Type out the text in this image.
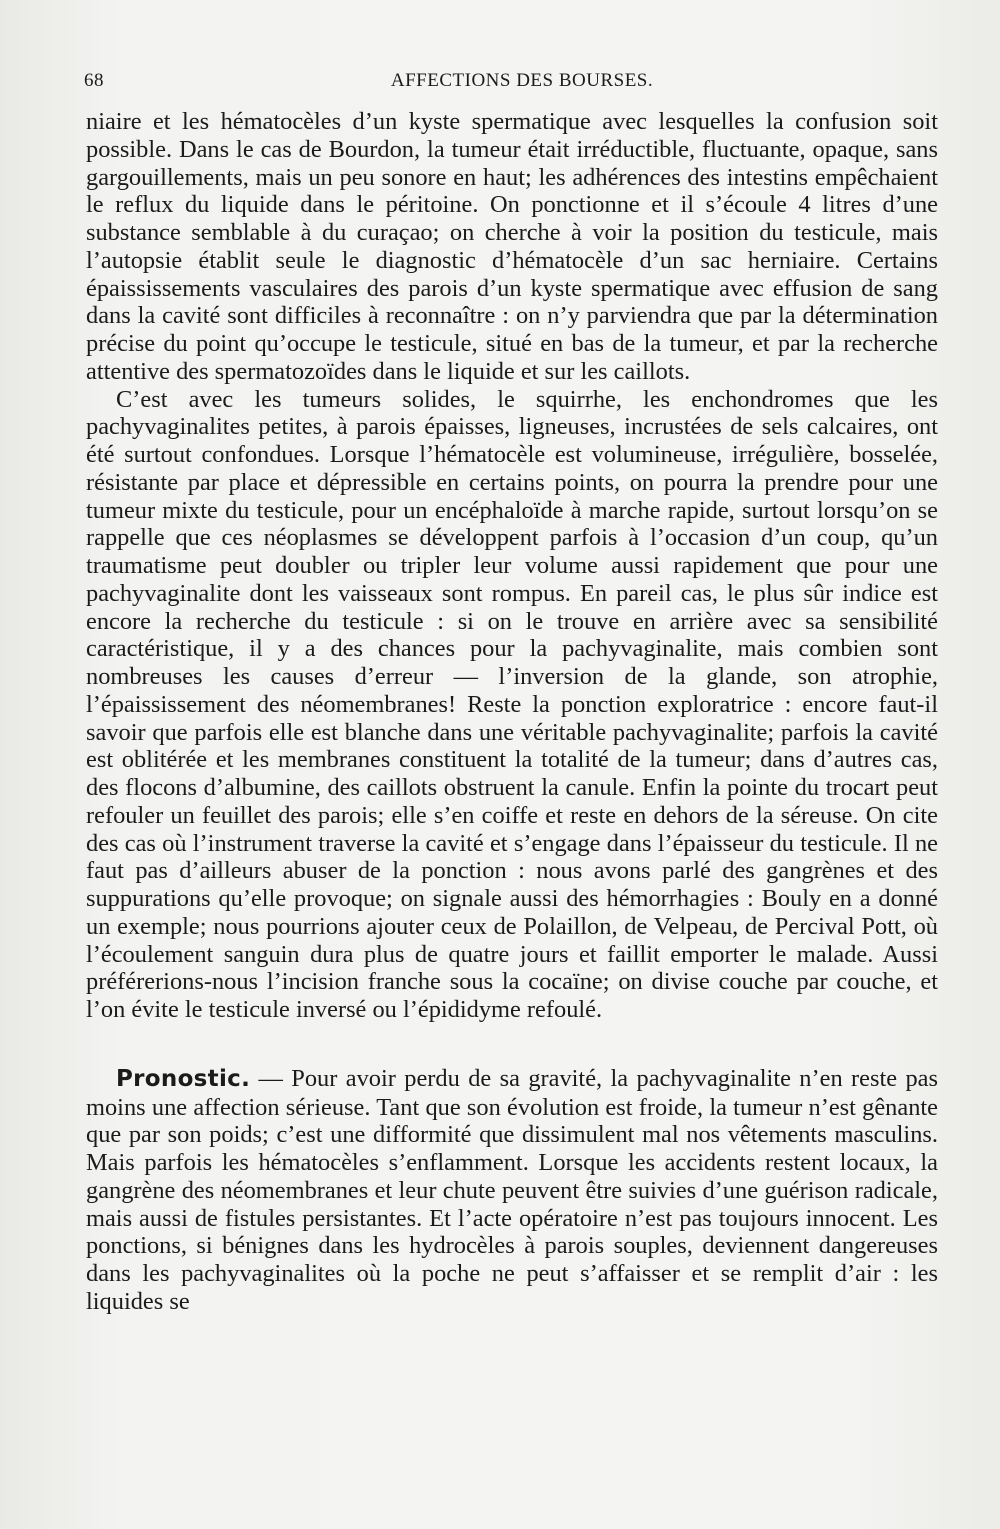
68	AFFECTIONS DES BOURSES.

niaire et les hématocèles d’un kyste spermatique avec lesquelles la confusion soit possible. Dans le cas de Bourdon, la tumeur était irréductible, fluctuante, opaque, sans gargouillements, mais un peu sonore en haut; les adhérences des intestins empêchaient le reflux du liquide dans le péritoine. On ponctionne et il s’écoule 4 litres d’une substance semblable à du curaçao; on cherche à voir la position du testicule, mais l’autopsie établit seule le diagnostic d’hématocèle d’un sac herniaire. Certains épaississements vasculaires des parois d’un kyste spermatique avec effusion de sang dans la cavité sont difficiles à reconnaître : on n’y parviendra que par la détermination précise du point qu’occupe le testicule, situé en bas de la tumeur, et par la recherche attentive des spermatozoïdes dans le liquide et sur les caillots.

C’est avec les tumeurs solides, le squirrhe, les enchondromes que les pachyvaginalites petites, à parois épaisses, ligneuses, incrustées de sels calcaires, ont été surtout confondues. Lorsque l’hématocèle est volumineuse, irrégulière, bosselée, résistante par place et dépressible en certains points, on pourra la prendre pour une tumeur mixte du testicule, pour un encéphaloïde à marche rapide, surtout lorsqu’on se rappelle que ces néoplasmes se développent parfois à l’occasion d’un coup, qu’un traumatisme peut doubler ou tripler leur volume aussi rapidement que pour une pachyvaginalite dont les vaisseaux sont rompus. En pareil cas, le plus sûr indice est encore la recherche du testicule : si on le trouve en arrière avec sa sensibilité caractéristique, il y a des chances pour la pachyvaginalite, mais combien sont nombreuses les causes d’erreur — l’inversion de la glande, son atrophie, l’épaississement des néomembranes! Reste la ponction exploratrice : encore faut-il savoir que parfois elle est blanche dans une véritable pachyvaginalite; parfois la cavité est oblitérée et les membranes constituent la totalité de la tumeur; dans d’autres cas, des flocons d’albumine, des caillots obstruent la canule. Enfin la pointe du trocart peut refouler un feuillet des parois; elle s’en coiffe et reste en dehors de la séreuse. On cite des cas où l’instrument traverse la cavité et s’engage dans l’épaisseur du testicule. Il ne faut pas d’ailleurs abuser de la ponction : nous avons parlé des gangrènes et des suppurations qu’elle provoque; on signale aussi des hémorrhagies : Bouly en a donné un exemple; nous pourrions ajouter ceux de Polaillon, de Velpeau, de Percival Pott, où l’écoulement sanguin dura plus de quatre jours et faillit emporter le malade. Aussi préférerions-nous l’incision franche sous la cocaïne; on divise couche par couche, et l’on évite le testicule inversé ou l’épididyme refoulé.

Pronostic. — Pour avoir perdu de sa gravité, la pachyvaginalite n’en reste pas moins une affection sérieuse. Tant que son évolution est froide, la tumeur n’est gênante que par son poids; c’est une difformité que dissimulent mal nos vêtements masculins. Mais parfois les hématocèles s’enflamment. Lorsque les accidents restent locaux, la gangrène des néomembranes et leur chute peuvent être suivies d’une guérison radicale, mais aussi de fistules persistantes. Et l’acte opératoire n’est pas toujours innocent. Les ponctions, si bénignes dans les hydrocèles à parois souples, deviennent dangereuses dans les pachyvaginalites où la poche ne peut s’affaisser et se remplit d’air : les liquides se
